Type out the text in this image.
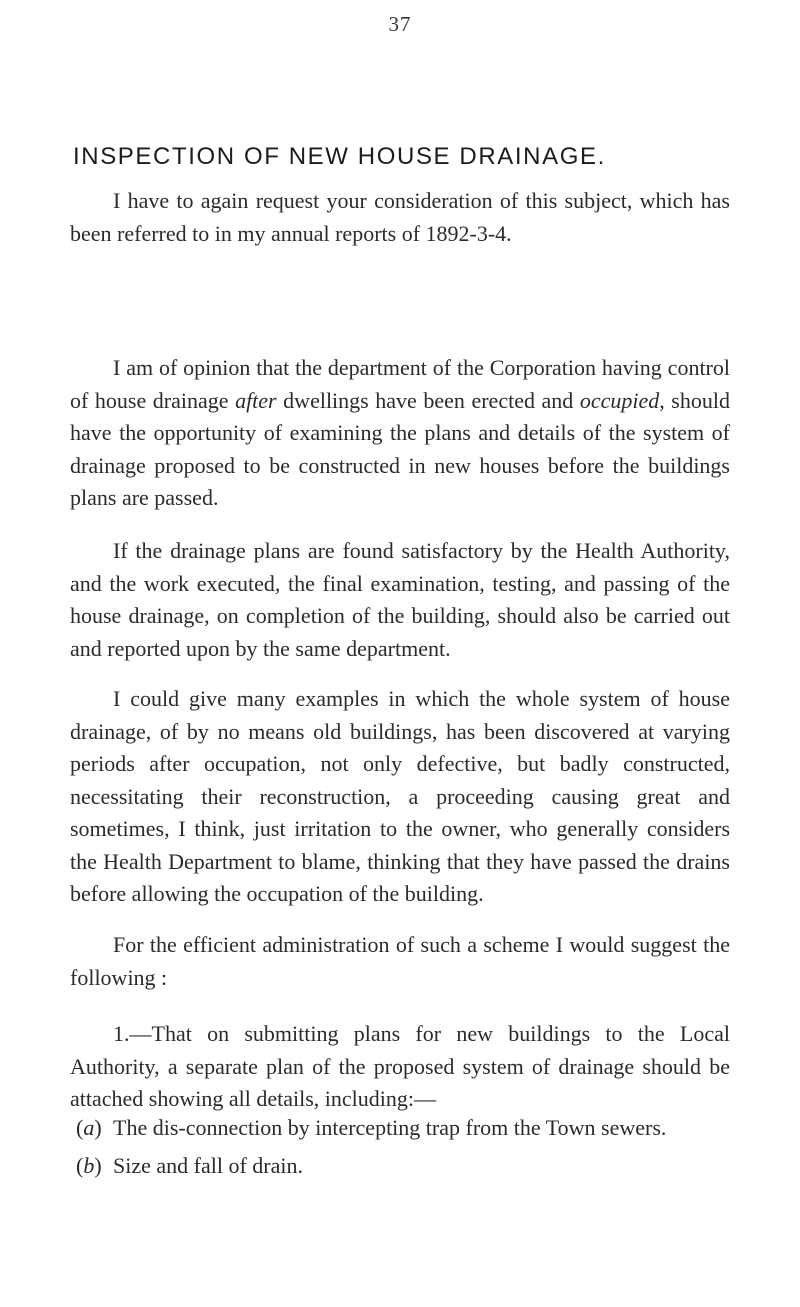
37
INSPECTION OF NEW HOUSE DRAINAGE.

I have to again request your consideration of this subject, which has been referred to in my annual reports of 1892-3-4.

I am of opinion that the department of the Corporation having control of house drainage after dwellings have been erected and occupied, should have the opportunity of examining the plans and details of the system of drainage proposed to be constructed in new houses before the buildings plans are passed.

If the drainage plans are found satisfactory by the Health Authority, and the work executed, the final examination, testing, and passing of the house drainage, on completion of the building, should also be carried out and reported upon by the same department.

I could give many examples in which the whole system of house drainage, of by no means old buildings, has been discovered at varying periods after occupation, not only defective, but badly constructed, necessitating their reconstruction, a proceeding causing great and sometimes, I think, just irritation to the owner, who generally considers the Health Department to blame, thinking that they have passed the drains before allowing the occupation of the building.

For the efficient administration of such a scheme I would suggest the following :

1.—That on submitting plans for new buildings to the Local Authority, a separate plan of the proposed system of drainage should be attached showing all details, including:—

(a) The dis-connection by intercepting trap from the Town sewers.
(b) Size and fall of drain.
